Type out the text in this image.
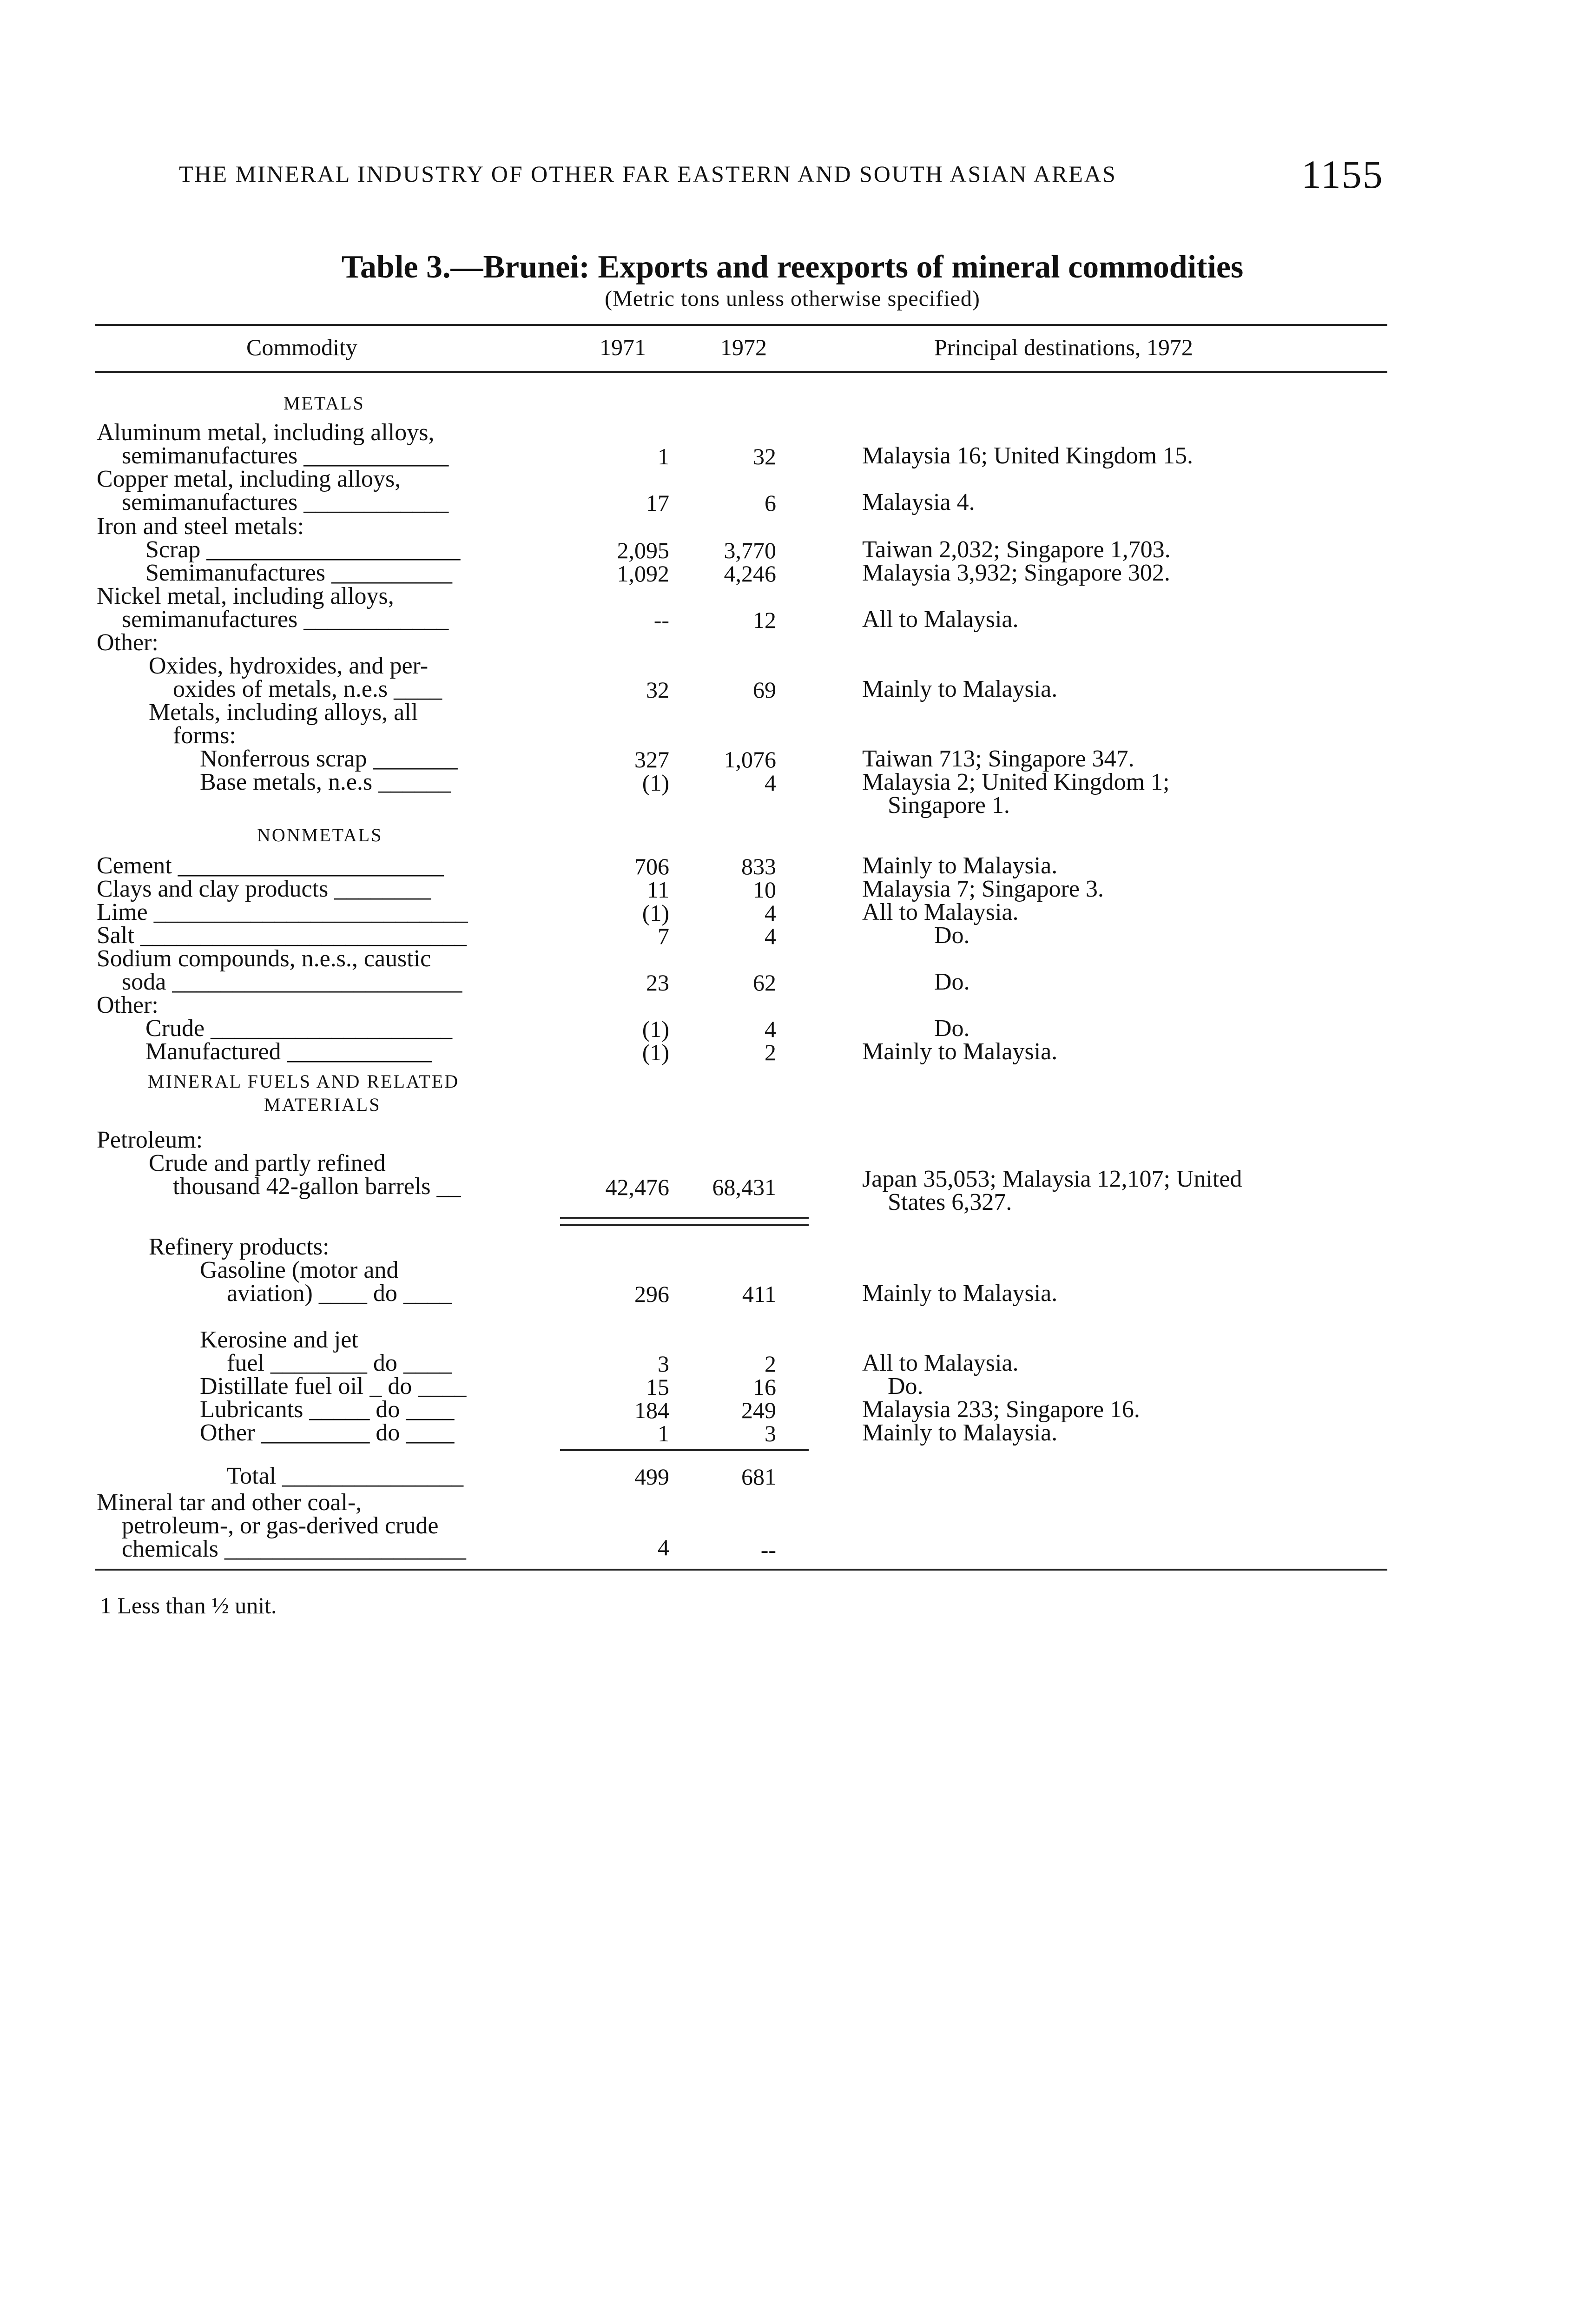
THE MINERAL INDUSTRY OF OTHER FAR EASTERN AND SOUTH ASIAN AREAS	1155
Table 3.—Brunei: Exports and reexports of mineral commodities
(Metric tons unless otherwise specified)
Commodity	1971	1972	Principal destinations, 1972
METALS
Aluminum metal, including alloys,
semimanufactures ____________	1	32	Malaysia 16; United Kingdom 15.
Copper metal, including alloys,
semimanufactures ____________	17	6	Malaysia 4.
Iron and steel metals:
Scrap _____________________	2,095	3,770	Taiwan 2,032; Singapore 1,703.
Semimanufactures __________	1,092	4,246	Malaysia 3,932; Singapore 302.
Nickel metal, including alloys,
semimanufactures ____________	--	12	All to Malaysia.
Other:
Oxides, hydroxides, and per-
oxides of metals, n.e.s ____	32	69	Mainly to Malaysia.
Metals, including alloys, all
forms:
Nonferrous scrap _______	327	1,076	Taiwan 713; Singapore 347.
Base metals, n.e.s ______	(1)	4	Malaysia 2; United Kingdom 1;
Singapore 1.
NONMETALS
Cement ______________________	706	833	Mainly to Malaysia.
Clays and clay products ________	11	10	Malaysia 7; Singapore 3.
Lime __________________________	(1)	4	All to Malaysia.
Salt ___________________________	7	4	Do.
Sodium compounds, n.e.s., caustic
soda ________________________	23	62	Do.
Other:
Crude ____________________	(1)	4	Do.
Manufactured ____________	(1)	2	Mainly to Malaysia.
MINERAL FUELS AND RELATED
MATERIALS
Petroleum:
Crude and partly refined
thousand 42-gallon barrels __	42,476	68,431	Japan 35,053; Malaysia 12,107; United
States 6,327.
Refinery products:
Gasoline (motor and
aviation) ____ do ____	296	411	Mainly to Malaysia.
Kerosine and jet
fuel ________ do ____	3	2	All to Malaysia.
Distillate fuel oil _ do ____	15	16	Do.
Lubricants _____ do ____	184	249	Malaysia 233; Singapore 16.
Other _________ do ____	1	3	Mainly to Malaysia.
Total _______________	499	681
Mineral tar and other coal-,
petroleum-, or gas-derived crude
chemicals ____________________	4	--
1 Less than ½ unit.
